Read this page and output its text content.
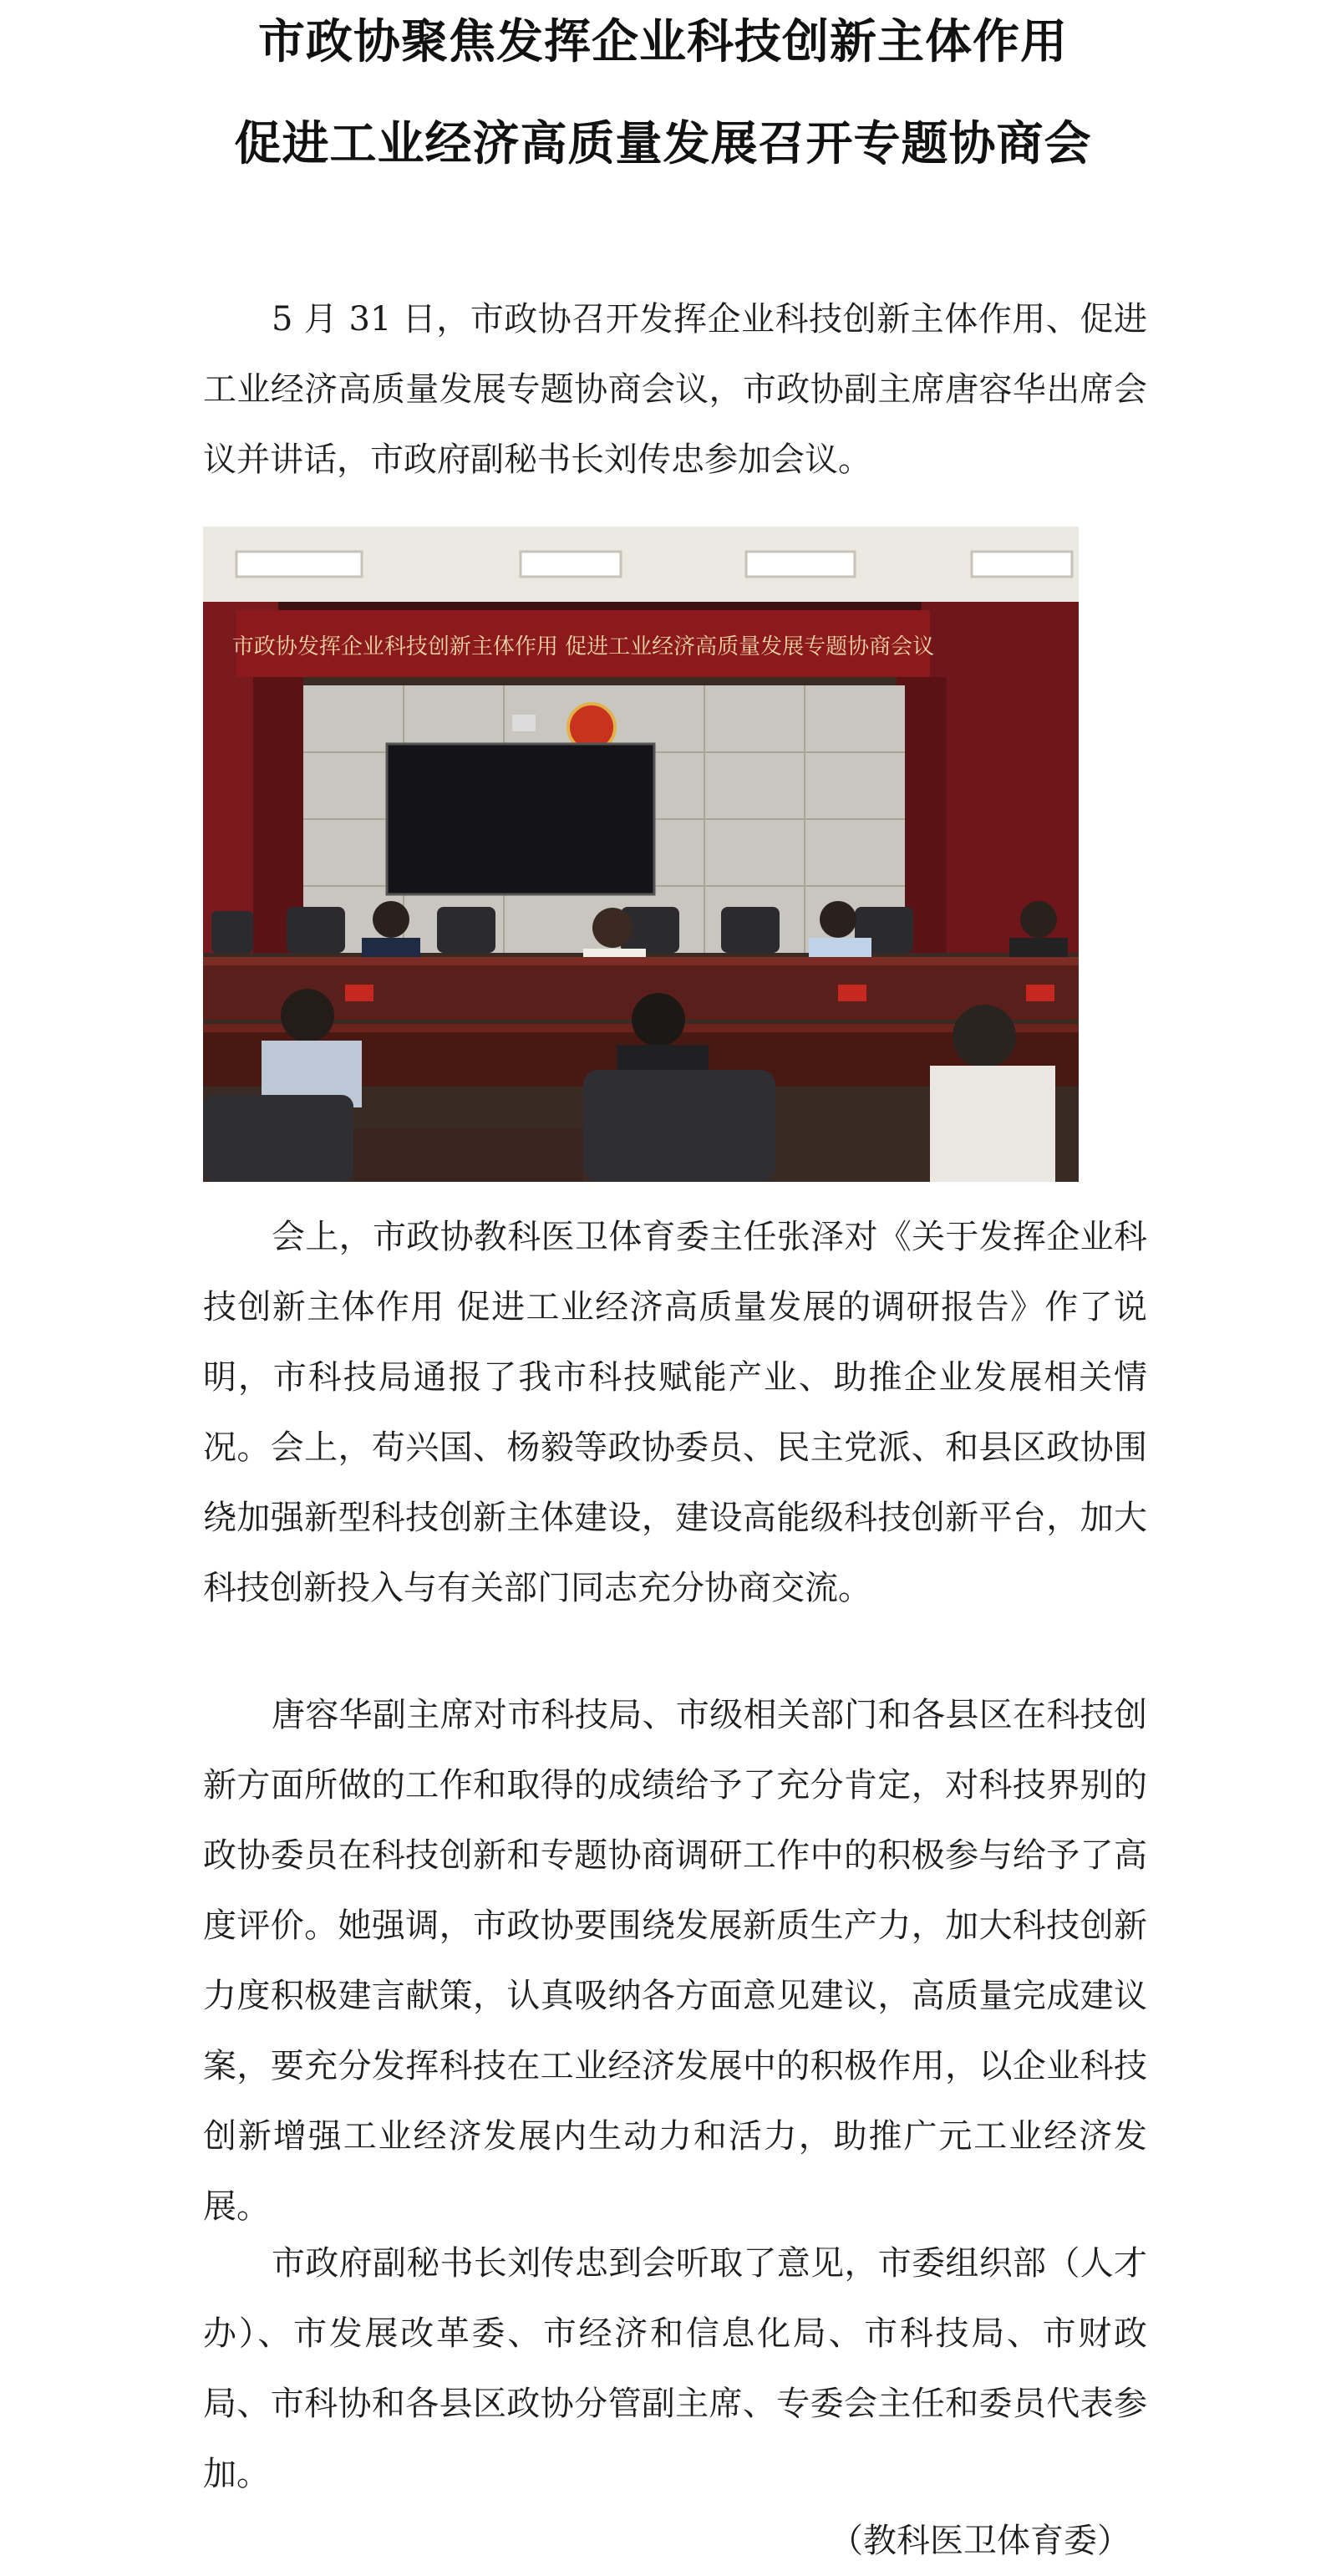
市政协聚焦发挥企业科技创新主体作用
促进工业经济高质量发展召开专题协商会

5 月 31 日，市政协召开发挥企业科技创新主体作用、促进工业经济高质量发展专题协商会议，市政协副主席唐容华出席会议并讲话，市政府副秘书长刘传忠参加会议。

市政协发挥企业科技创新主体作用 促进工业经济高质量发展专题协商会议

会上，市政协教科医卫体育委主任张泽对《关于发挥企业科技创新主体作用 促进工业经济高质量发展的调研报告》作了说明，市科技局通报了我市科技赋能产业、助推企业发展相关情况。会上，苟兴国、杨毅等政协委员、民主党派、和县区政协围绕加强新型科技创新主体建设，建设高能级科技创新平台，加大科技创新投入与有关部门同志充分协商交流。

唐容华副主席对市科技局、市级相关部门和各县区在科技创新方面所做的工作和取得的成绩给予了充分肯定，对科技界别的政协委员在科技创新和专题协商调研工作中的积极参与给予了高度评价。她强调，市政协要围绕发展新质生产力，加大科技创新力度积极建言献策，认真吸纳各方面意见建议，高质量完成建议案，要充分发挥科技在工业经济发展中的积极作用，以企业科技创新增强工业经济发展内生动力和活力，助推广元工业经济发展。

市政府副秘书长刘传忠到会听取了意见，市委组织部（人才办）、市发展改革委、市经济和信息化局、市科技局、市财政局、市科协和各县区政协分管副主席、专委会主任和委员代表参加。

（教科医卫体育委）
